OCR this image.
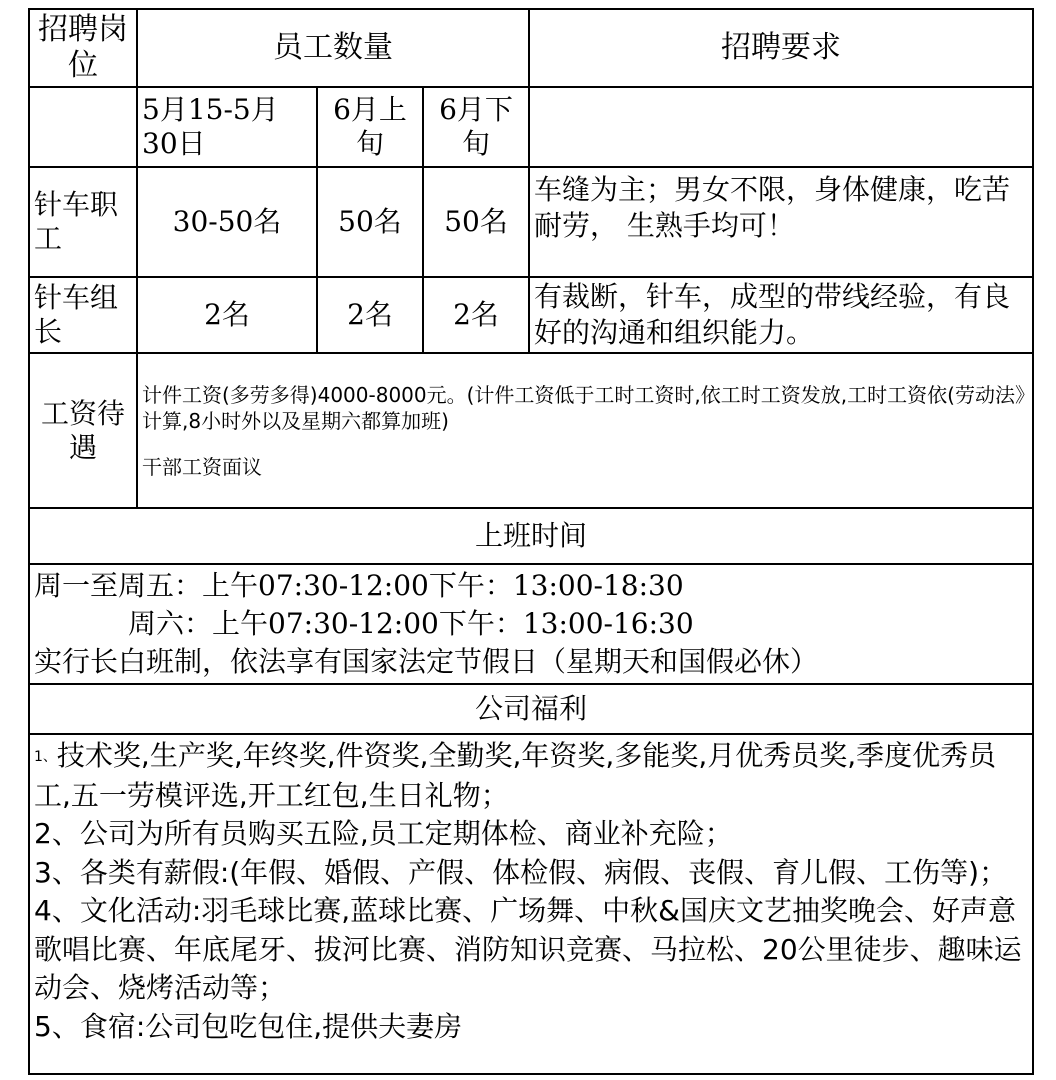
招聘岗位	员工数量			招聘要求
	5月15-5月30日	6月上旬	6月下旬	
针车职工	30-50名	50名	50名	车缝为主；男女不限，身体健康，吃苦耐劳， 生熟手均可！
针车组长	2名	2名	2名	有裁断，针车，成型的带线经验，有良好的沟通和组织能力。
工资待遇	计件工资(多劳多得)4000-8000元。(计件工资低于工时工资时,依工时工资发放,工时工资依(劳动法》计算,8小时外以及星期六都算加班)
干部工资面议			

上班时间				

周一至周五：上午07:30-12:00下午：13:00-18:30
周六：上午07:30-12:00下午：13:00-16:30
实行长白班制，依法享有国家法定节假日（星期天和国假必休）				

公司福利				

1、技术奖,生产奖,年终奖,件资奖,全勤奖,年资奖,多能奖,月优秀员奖,季度优秀员工,五一劳模评选,开工红包,生日礼物；
2、公司为所有员购买五险,员工定期体检、商业补充险；
3、各类有薪假:(年假、婚假、产假、体检假、病假、丧假、育儿假、工伤等)；
4、文化活动:羽毛球比赛,蓝球比赛、广场舞、中秋&国庆文艺抽奖晚会、好声意歌唱比赛、年底尾牙、拔河比赛、消防知识竞赛、马拉松、20公里徒步、趣味运动会、烧烤活动等；
5、食宿:公司包吃包住,提供夫妻房				
